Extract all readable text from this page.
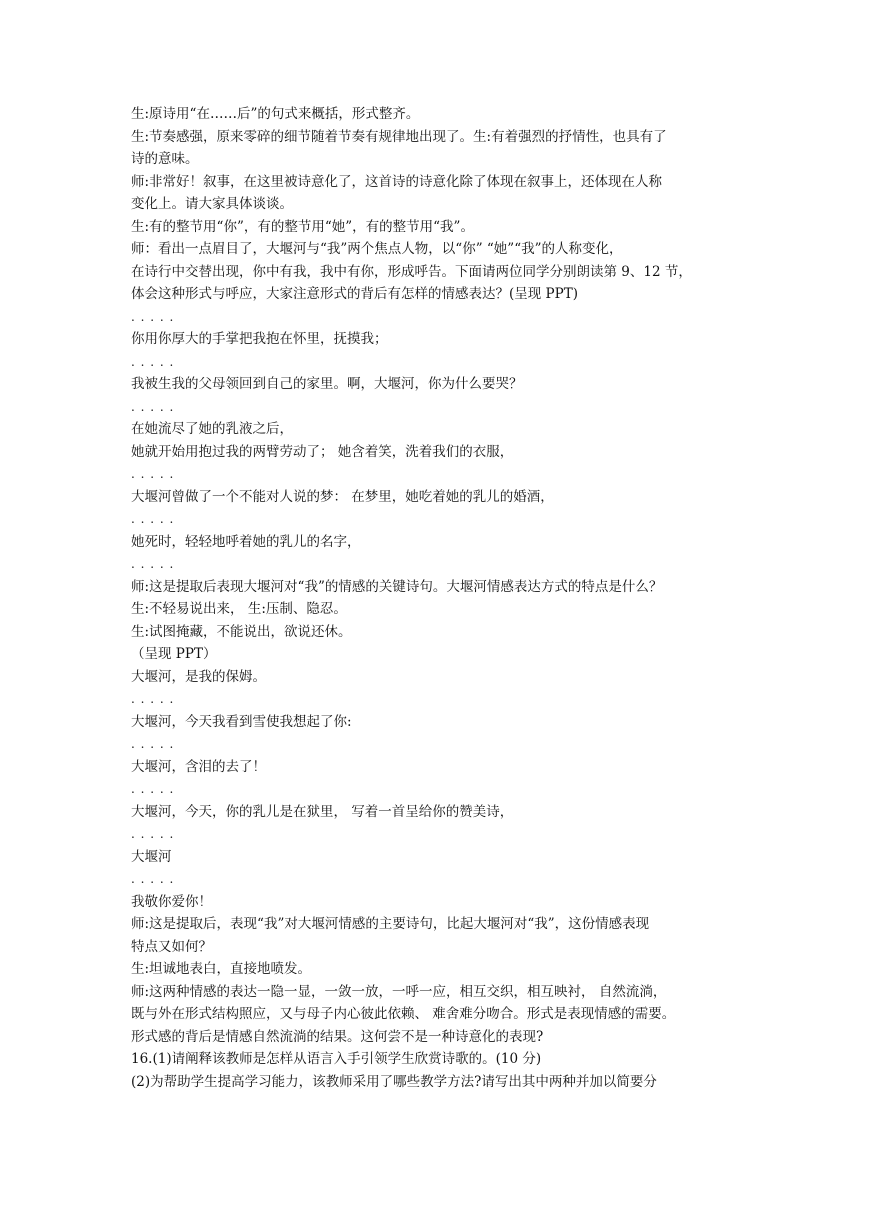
生:原诗用“在……后”的句式来概括，形式整齐。
生:节奏感强，原来零碎的细节随着节奏有规律地出现了。生:有着强烈的抒情性，也具有了
诗的意味。
师:非常好！叙事，在这里被诗意化了，这首诗的诗意化除了体现在叙事上，还体现在人称
变化上。请大家具体谈谈。
生:有的整节用“你”，有的整节用“她”，有的整节用“我”。
师：看出一点眉目了，大堰河与“我”两个焦点人物，以“你” “她”“我”的人称变化，
在诗行中交替出现，你中有我，我中有你，形成呼告。下面请两位同学分别朗读第 9、12 节，
体会这种形式与呼应，大家注意形式的背后有怎样的情感表达？(呈现 PPT)
. . . . .
你用你厚大的手掌把我抱在怀里，抚摸我；
. . . . .
我被生我的父母领回到自己的家里。啊，大堰河，你为什么要哭？
. . . . .
在她流尽了她的乳液之后，
她就开始用抱过我的两臂劳动了； 她含着笑，洗着我们的衣服，
. . . . .
大堰河曾做了一个不能对人说的梦： 在梦里，她吃着她的乳儿的婚酒，
. . . . .
她死时，轻轻地呼着她的乳儿的名字，
. . . . .
师:这是提取后表现大堰河对“我”的情感的关键诗句。大堰河情感表达方式的特点是什么？
生:不轻易说出来， 生:压制、隐忍。
生:试图掩藏，不能说出，欲说还休。
（呈现 PPT）
大堰河，是我的保姆。
. . . . .
大堰河，今天我看到雪使我想起了你:
. . . . .
大堰河，含泪的去了！
. . . . .
大堰河，今天，你的乳儿是在狱里， 写着一首呈给你的赞美诗，
. . . . .
大堰河
. . . . .
我敬你爱你！
师:这是提取后，表现“我”对大堰河情感的主要诗句，比起大堰河对“我”，这份情感表现
特点又如何？
生:坦诚地表白，直接地喷发。
师:这两种情感的表达一隐一显，一敛一放，一呼一应，相互交织，相互映衬， 自然流淌，
既与外在形式结构照应，又与母子内心彼此依赖、 难舍难分吻合。形式是表现情感的需要。
形式感的背后是情感自然流淌的结果。这何尝不是一种诗意化的表现?
16.(1)请阐释该教师是怎样从语言入手引领学生欣赏诗歌的。(10 分)
(2)为帮助学生提高学习能力，该教师采用了哪些教学方法?请写出其中两种并加以简要分
